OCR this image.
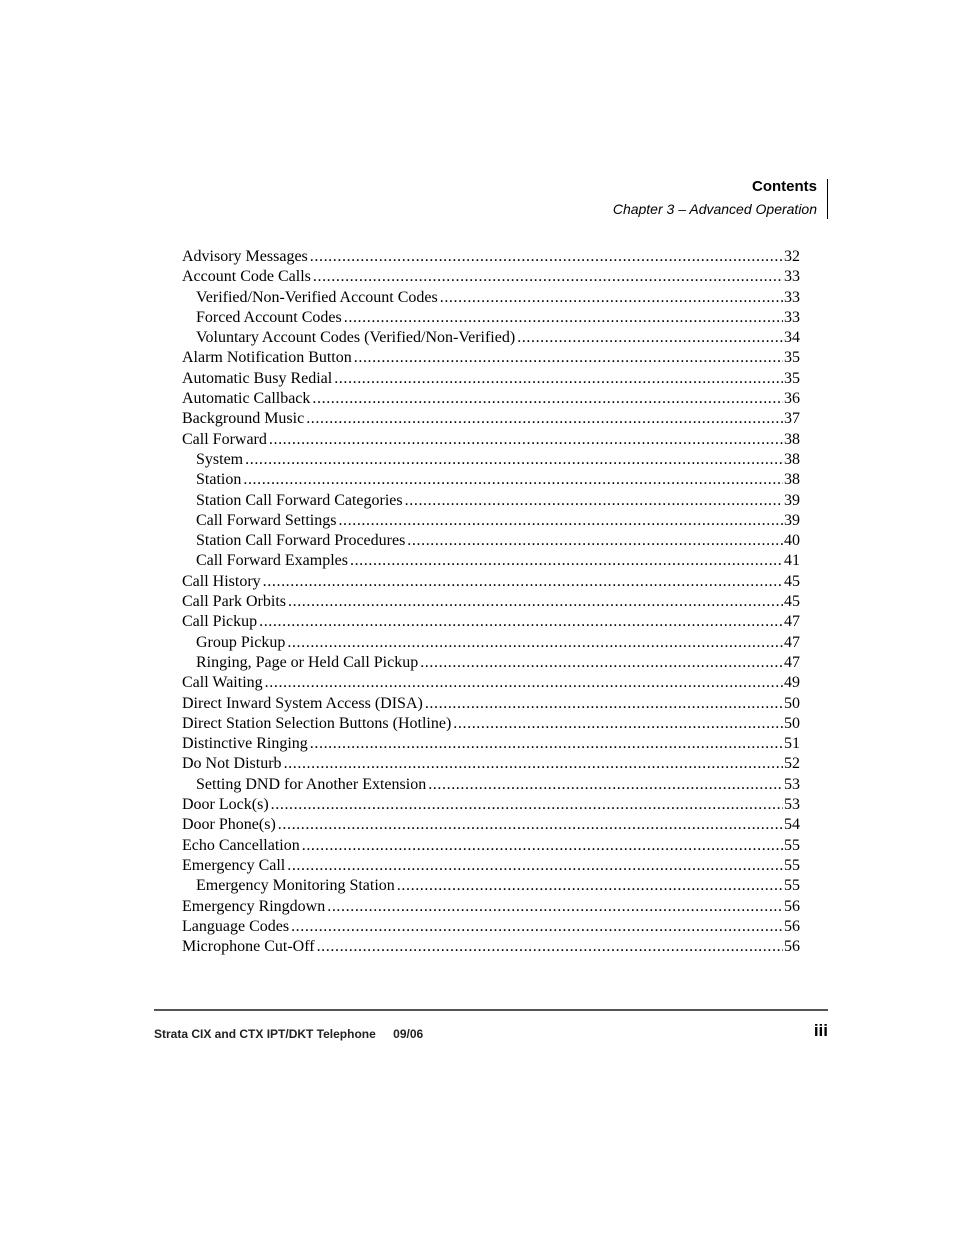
Contents
Chapter 3 – Advanced Operation
Advisory Messages .....	32
Account Code Calls .....	33
Verified/Non-Verified Account Codes .....	33
Forced Account Codes .....	33
Voluntary Account Codes (Verified/Non-Verified) .....	34
Alarm Notification Button .....	35
Automatic Busy Redial .....	35
Automatic Callback .....	36
Background Music .....	37
Call Forward .....	38
System .....	38
Station .....	38
Station Call Forward Categories .....	39
Call Forward Settings .....	39
Station Call Forward Procedures .....	40
Call Forward Examples .....	41
Call History .....	45
Call Park Orbits .....	45
Call Pickup .....	47
Group Pickup .....	47
Ringing, Page or Held Call Pickup .....	47
Call Waiting .....	49
Direct Inward System Access (DISA) .....	50
Direct Station Selection Buttons (Hotline) .....	50
Distinctive Ringing .....	51
Do Not Disturb .....	52
Setting DND for Another Extension .....	53
Door Lock(s) .....	53
Door Phone(s) .....	54
Echo Cancellation .....	55
Emergency Call .....	55
Emergency Monitoring Station .....	55
Emergency Ringdown .....	56
Language Codes .....	56
Microphone Cut-Off .....	56
Strata CIX and CTX IPT/DKT Telephone 09/06	iii
